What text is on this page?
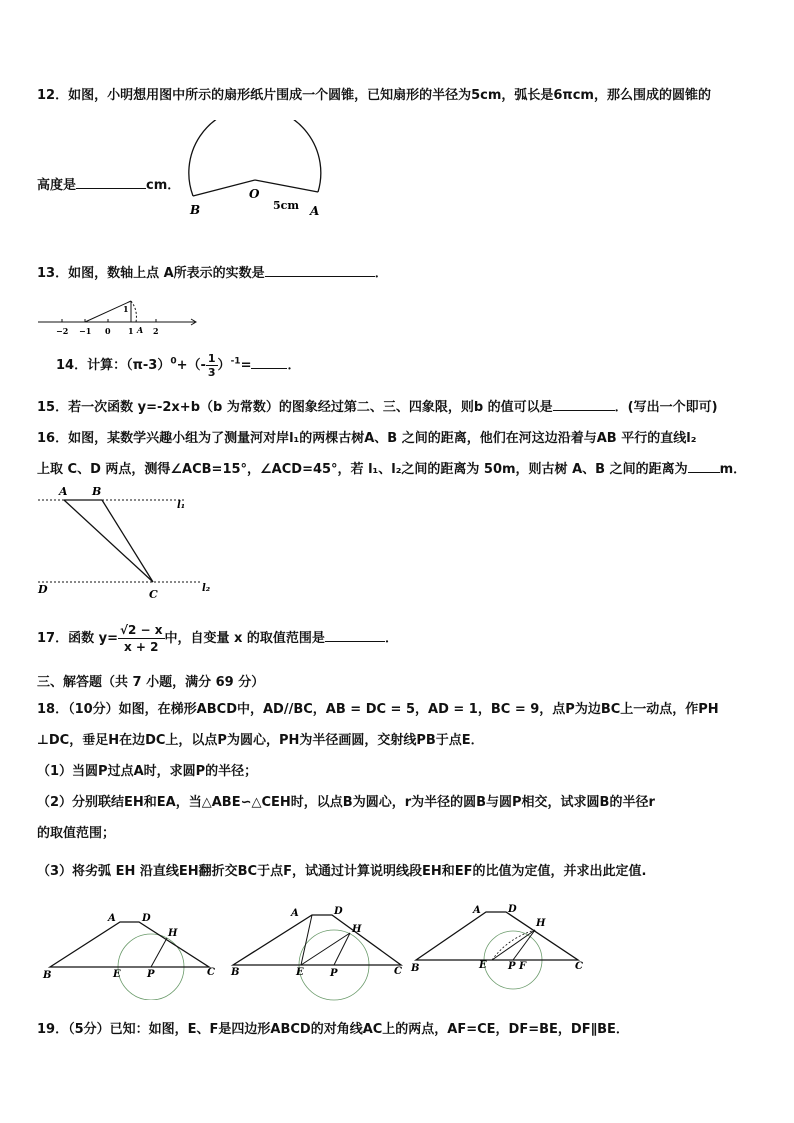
12．如图，小明想用图中所示的扇形纸片围成一个圆锥，已知扇形的半径为5cm，弧长是6πcm，那么围成的圆锥的
高度是	cm．
B
O
A
5cm
13．如图，数轴上点 A所表示的实数是	．
1
−2 −1 0 1 A 2
14．计算：$(\pi-3)^0+(- \frac{1}{3} )^{-1}=$	．
15．若一次函数 y=-2x+b（b 为常数）的图象经过第二、三、四象限，则b 的值可以是	．(写出一个即可)
16．如图，某数学兴趣小组为了测量河对岸l₁的两棵古树A、B 之间的距离，他们在河这边沿着与AB 平行的直线l₂
上取 C、D 两点，测得∠ACB=15°，∠ACD=45°，若 l₁、l₂之间的距离为 50m，则古树 A、B 之间的距离为 m．
A B
D	C
l₁
l₂
17．函数 $y= \frac{√2 - x}{x + 2}$ 中，自变量 x 的取值范围是	．
三、解答题（共 7 小题，满分 69 分）
18．（10分）如图，在梯形ABCD中，AD//BC，AB = DC = 5，AD = 1，BC = 9，点P为边BC上一动点，作PH
⊥DC，垂足H在边DC上，以点P为圆心，PH为半径画圆，交射线PB于点E．
（1）当圆P过点A时，求圆P的半径；
（2）分别联结EH和EA，当△ABE∽△CEH时，以点B为圆心，r为半径的圆B与圆P相交，试求圆B的半径r
的取值范围；
（3）将劣弧 EH 沿直线EH翻折交BC于点F，试通过计算说明线段EH和EF的比值为定值，并求出此定值.
A	D
H
B	E	P	C
A	D
H
B	E	P	C
A	D
H
B	E P F	C
19．（5分）已知：如图，E、F是四边形ABCD的对角线AC上的两点，AF=CE，DF=BE，DF∥BE．
